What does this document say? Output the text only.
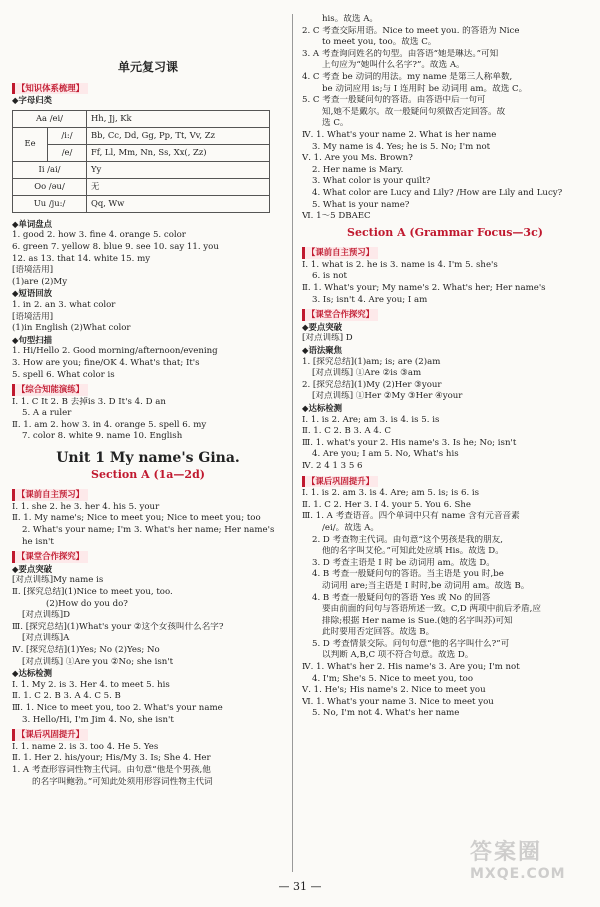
单元复习课
【知识体系梳理】
◆字母归类
Aa /ei/		Hh, Jj, Kk
Ee	/i:/	Bb, Cc, Dd, Gg, Pp, Tt, Vv, Zz
	/e/	Ff, Ll, Mm, Nn, Ss, Xx(, Zz)
Ii /ai/		Yy
Oo /əu/		无
Uu /ju:/		Qq, Ww
◆单词盘点
1. good 2. how 3. fine 4. orange 5. color
6. green 7. yellow 8. blue 9. see 10. say 11. you
12. as 13. that 14. white 15. my
[语境活用]
(1)are (2)My
◆短语回放
1. in 2. an 3. what color
[语境活用]
(1)in English (2)What color
◆句型扫描
1. Hi/Hello 2. Good morning/afternoon/evening
3. How are you; fine/OK 4. What's that; It's
5. spell 6. What color is
【综合知能演练】
Ⅰ. 1. C It 2. B 去掉is 3. D It's 4. D an
5. A a ruler
Ⅱ. 1. am 2. how 3. in 4. orange 5. spell 6. my
7. color 8. white 9. name 10. English
Unit 1 My name's Gina.
Section A (1a—2d)
【课前自主预习】
Ⅰ. 1. she 2. he 3. her 4. his 5. your
Ⅱ. 1. My name's; Nice to meet you; Nice to meet you; too
2. What's your name; I'm 3. What's her name; Her name's
he isn't
【课堂合作探究】
◆要点突破
[对点训练]My name is
Ⅱ. [探究总结](1)Nice to meet you, too.
(2)How do you do?
[对点训练]D
Ⅲ. [探究总结](1)What's your ②这个女孩叫什么名字?
[对点训练]A
Ⅳ. [探究总结](1)Yes; No (2)Yes; No
[对点训练] ①Are you ②No; she isn't
◆达标检测
Ⅰ. 1. My 2. is 3. Her 4. to meet 5. his
Ⅱ. 1. C 2. B 3. A 4. C 5. B
Ⅲ. 1. Nice to meet you, too 2. What's your name
3. Hello/Hi, I'm Jim 4. No, she isn't
【课后巩固提升】
Ⅰ. 1. name 2. is 3. too 4. He 5. Yes
Ⅱ. 1. Her 2. his/your; His/My 3. Is; She 4. Her
1. A 考查形容词性物主代词。由句意“他是个男孩,他
的名字叫鲍勃。”可知此处须用形容词性物主代词
his。故选 A。
2. C 考查交际用语。Nice to meet you. 的答语为 Nice
to meet you, too。故选 C。
3. A 考查询问姓名的句型。由答语“她是琳达。”可知
上句应为“她叫什么名字?”。故选 A。
4. C 考查 be 动词的用法。my name 是第三人称单数,
be 动词应用 is;与 I 连用时 be 动词用 am。故选 C。
5. C 考查一般疑问句的答语。由答语中后一句可
知,她不是戴尔。故一般疑问句须做否定回答。故
选 C。
Ⅳ. 1. What's your name 2. What is her name
3. My name is 4. Yes; he is 5. No; I'm not
Ⅴ. 1. Are you Ms. Brown?
2. Her name is Mary.
3. What color is your quilt?
4. What color are Lucy and Lily? /How are Lily and Lucy?
5. What is your name?
Ⅵ. 1～5 DBAEC
Section A (Grammar Focus—3c)
【课前自主预习】
Ⅰ. 1. what is 2. he is 3. name is 4. I'm 5. she's
6. is not
Ⅱ. 1. What's your; My name's 2. What's her; Her name's
3. Is; isn't 4. Are you; I am
【课堂合作探究】
◆要点突破
[对点训练] D
◆语法聚焦
1. [探究总结](1)am; is; are (2)am
[对点训练] ①Are ②is ③am
2. [探究总结](1)My (2)Her ③your
[对点训练] ①Her ②My ③Her ④your
◆达标检测
Ⅰ. 1. is 2. Are; am 3. is 4. is 5. is
Ⅱ. 1. C 2. B 3. A 4. C
Ⅲ. 1. what's your 2. His name's 3. Is he; No; isn't
4. Are you; I am 5. No, What's his
Ⅳ. 2 4 1 3 5 6
【课后巩固提升】
Ⅰ. 1. is 2. am 3. is 4. Are; am 5. is; is 6. is
Ⅱ. 1. C 2. Her 3. I 4. your 5. You 6. She
Ⅲ. 1. A 考查语音。四个单词中只有 name 含有元音音素
/ei/。故选 A。
2. D 考查物主代词。由句意“这个男孩是我的朋友,
他的名字叫艾伦。”可知此处应填 His。故选 D。
3. D 考查主语是 I 时 be 动词用 am。故选 D。
4. B 考查一般疑问句的答语。当主语是 you 时,be
动词用 are;当主语是 I 时时,be 动词用 am。故选 B。
4. B 考查一般疑问句的答语 Yes 或 No 的回答
要由前面的问句与答语所述一致。C,D 两项中前后矛盾,应
排除;根据 Her name is Sue.(她的名字叫苏)可知
此时要用否定回答。故选 B。
5. D 考查情景交际。问句句意“他的名字叫什么?”可
以判断 A,B,C 项不符合句意。故选 D。
Ⅳ. 1. What's her 2. His name's 3. Are you; I'm not
4. I'm; She's 5. Nice to meet you, too
Ⅴ. 1. He's; His name's 2. Nice to meet you
Ⅵ. 1. What's your name 3. Nice to meet you
5. No, I'm not 4. What's her name
— 31 —
答案圈
MXQE.COM
